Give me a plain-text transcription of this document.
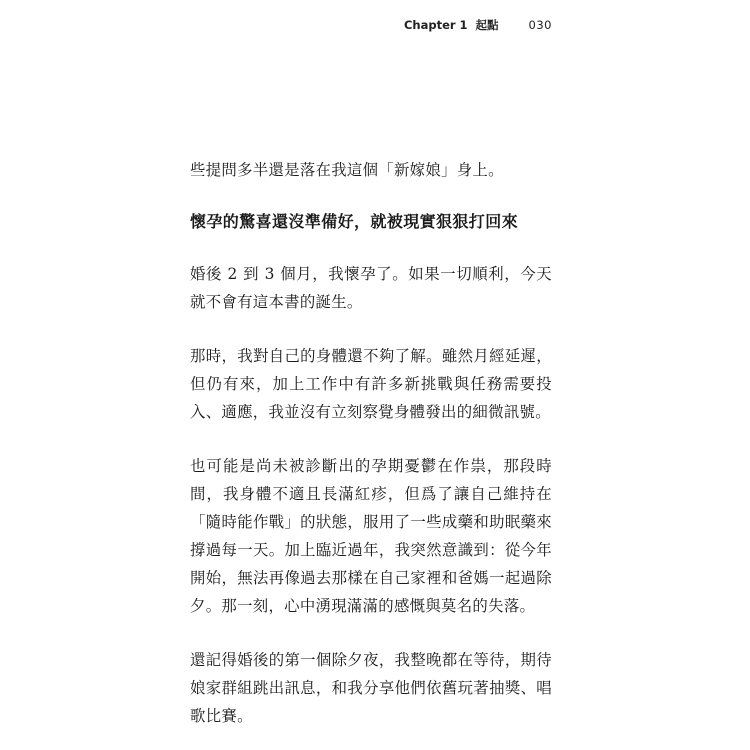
Chapter 1 起點	030

些提問多半還是落在我這個「新嫁娘」身上。

懷孕的驚喜還沒準備好，就被現實狠狠打回來

婚後 2 到 3 個月，我懷孕了。如果一切順利，今天就不會有這本書的誕生。

那時，我對自己的身體還不夠了解。雖然月經延遲，但仍有來，加上工作中有許多新挑戰與任務需要投入、適應，我並沒有立刻察覺身體發出的細微訊號。

也可能是尚未被診斷出的孕期憂鬱在作祟，那段時間，我身體不適且長滿紅疹，但爲了讓自己維持在「隨時能作戰」的狀態，服用了一些成藥和助眠藥來撐過每一天。加上臨近過年，我突然意識到：從今年開始，無法再像過去那樣在自己家裡和爸媽一起過除夕。那一刻，心中湧現滿滿的感慨與莫名的失落。

還記得婚後的第一個除夕夜，我整晚都在等待，期待娘家群組跳出訊息，和我分享他們依舊玩著抽獎、唱歌比賽。
